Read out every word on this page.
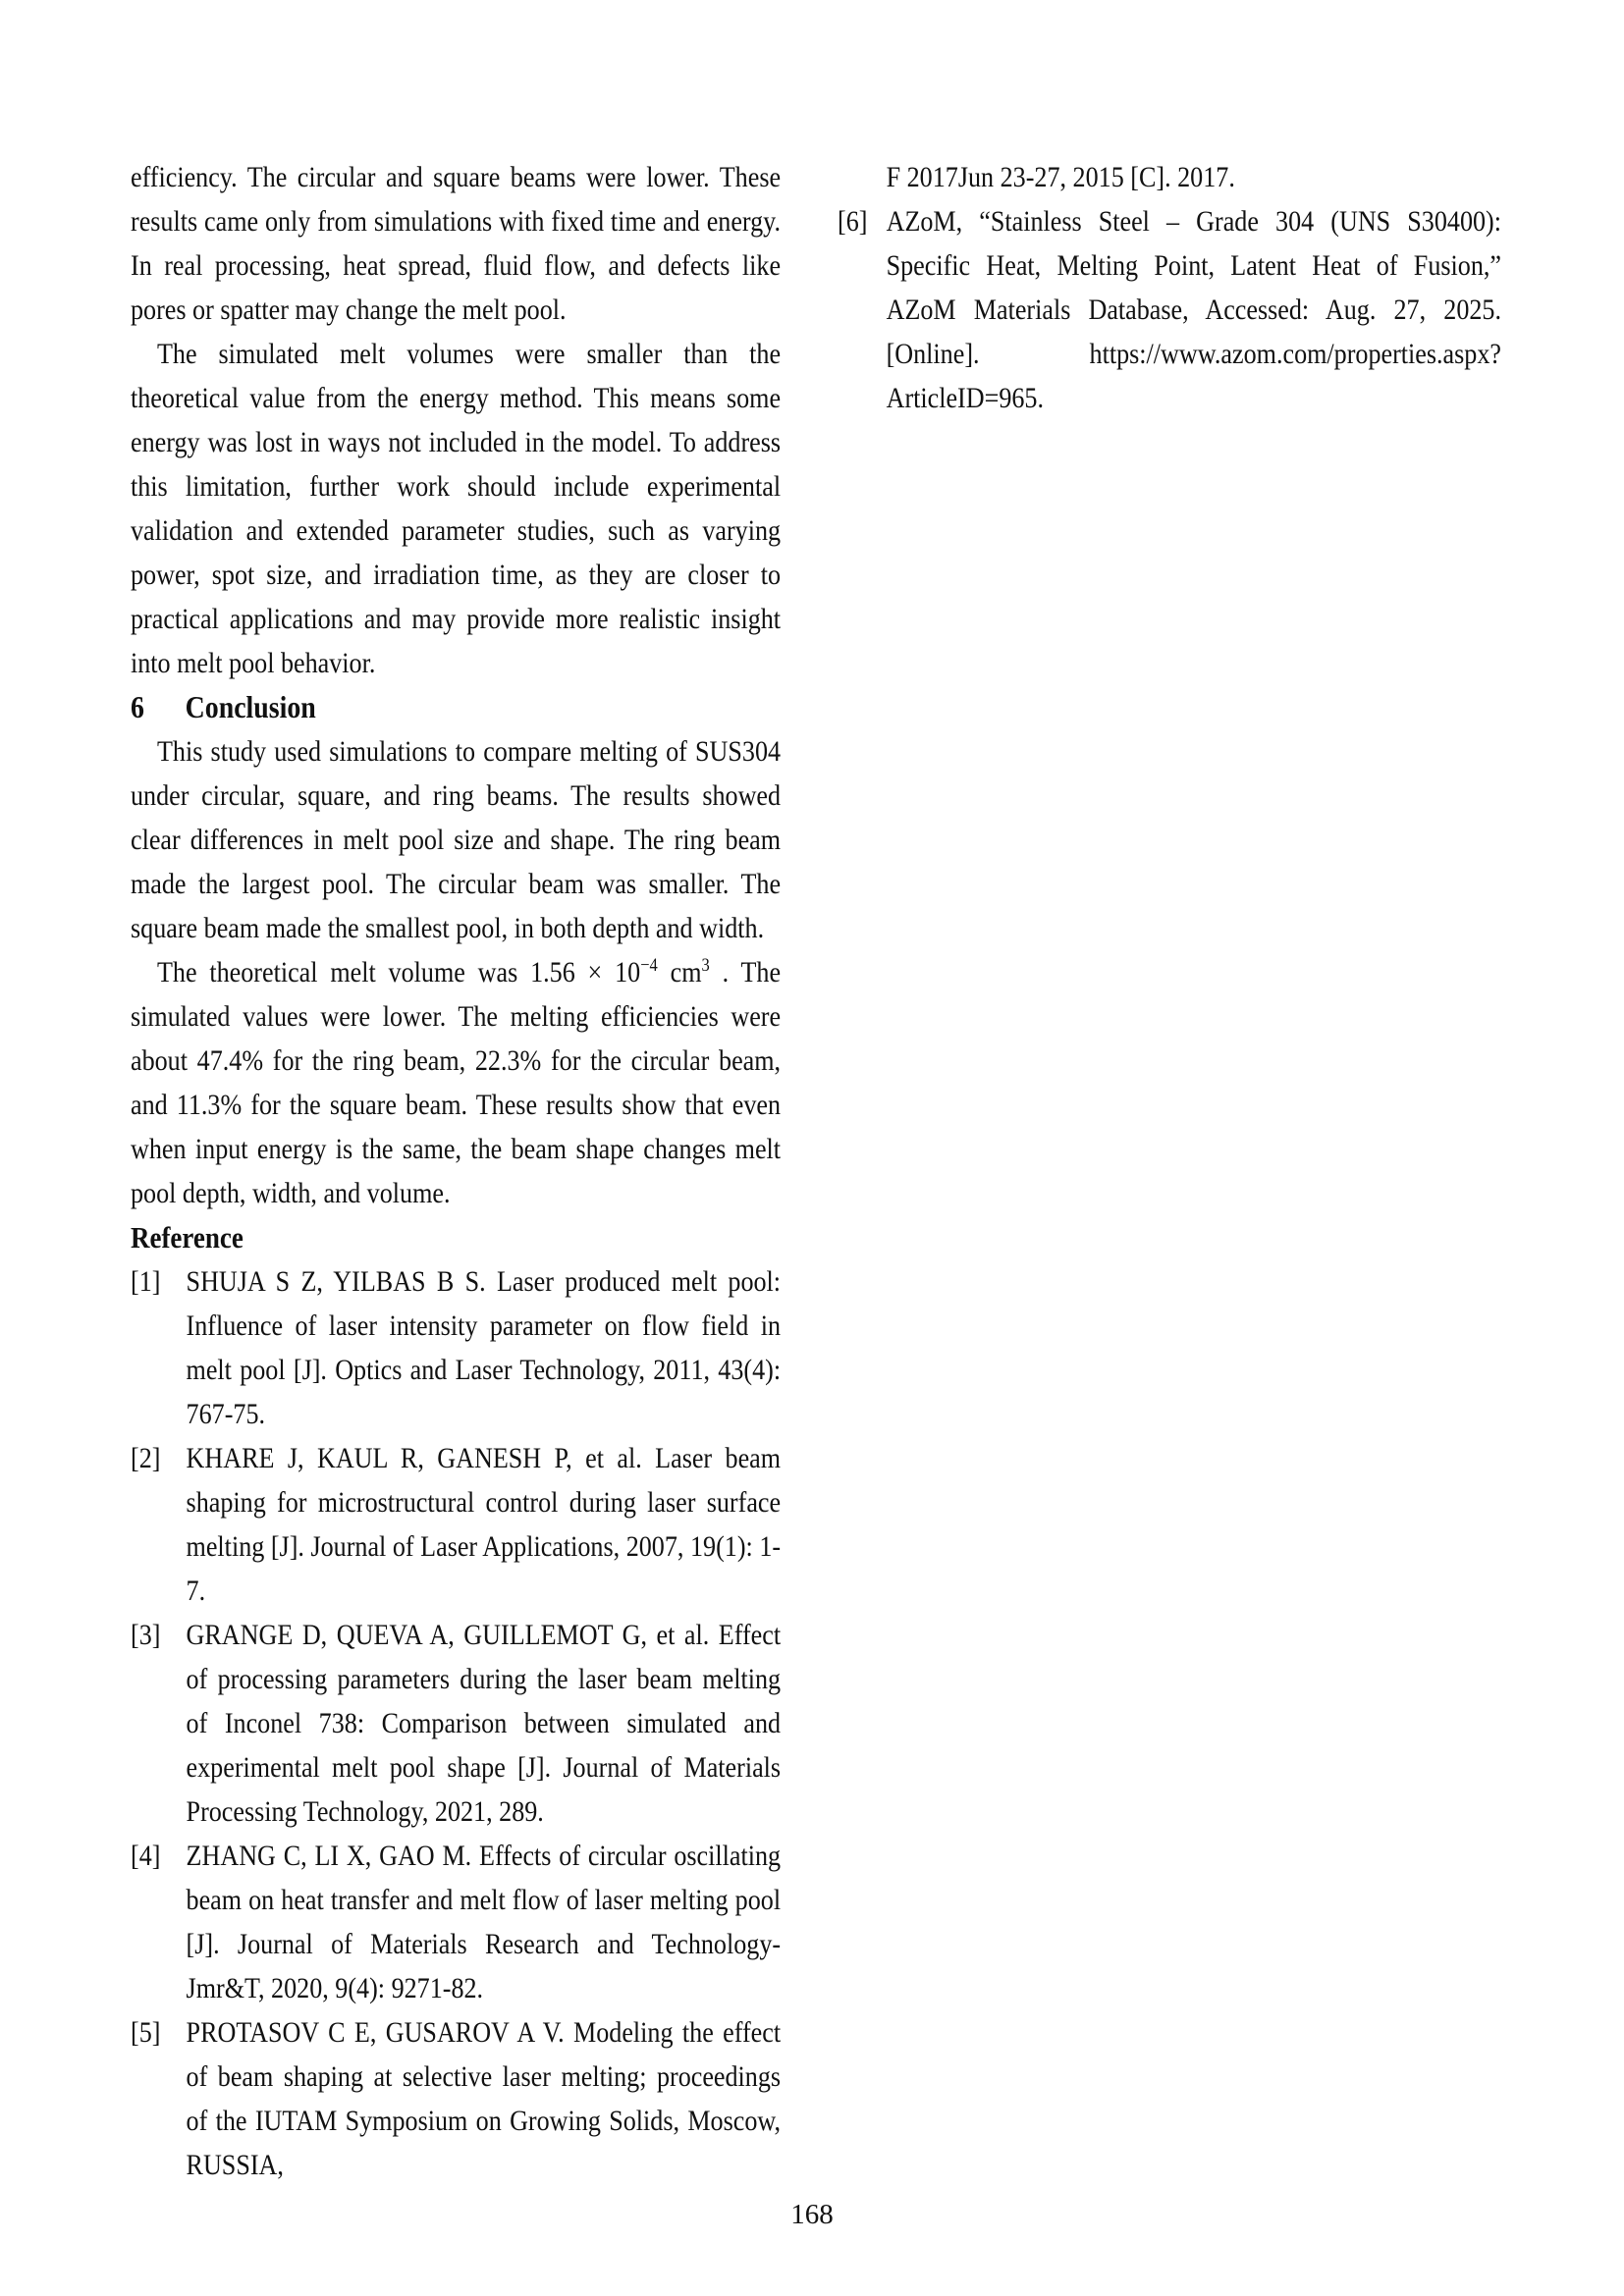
efficiency. The circular and square beams were lower. These results came only from simulations with fixed time and energy. In real processing, heat spread, fluid flow, and defects like pores or spatter may change the melt pool.

The simulated melt volumes were smaller than the theoretical value from the energy method. This means some energy was lost in ways not included in the model. To address this limitation, further work should include experimental validation and extended parameter studies, such as varying power, spot size, and irradiation time, as they are closer to practical applications and may provide more realistic insight into melt pool behavior.

6 Conclusion

This study used simulations to compare melting of SUS304 under circular, square, and ring beams. The results showed clear differences in melt pool size and shape. The ring beam made the largest pool. The circular beam was smaller. The square beam made the smallest pool, in both depth and width.

The theoretical melt volume was $1.56 \times 10^{-4}$ $cm^3$ . The simulated values were lower. The melting efficiencies were about 47.4% for the ring beam, 22.3% for the circular beam, and 11.3% for the square beam. These results show that even when input energy is the same, the beam shape changes melt pool depth, width, and volume.

Reference
[1] SHUJA S Z, YILBAS B S. Laser produced melt pool: Influence of laser intensity parameter on flow field in melt pool [J]. Optics and Laser Technology, 2011, 43(4): 767-75.
[2] KHARE J, KAUL R, GANESH P, et al. Laser beam shaping for microstructural control during laser surface melting [J]. Journal of Laser Applications, 2007, 19(1): 1-7.
[3] GRANGE D, QUEVA A, GUILLEMOT G, et al. Effect of processing parameters during the laser beam melting of Inconel 738: Comparison between simulated and experimental melt pool shape [J]. Journal of Materials Processing Technology, 2021, 289.
[4] ZHANG C, LI X, GAO M. Effects of circular oscillating beam on heat transfer and melt flow of laser melting pool [J]. Journal of Materials Research and Technology-Jmr&T, 2020, 9(4): 9271-82.
[5] PROTASOV C E, GUSAROV A V. Modeling the effect of beam shaping at selective laser melting; proceedings of the IUTAM Symposium on Growing Solids, Moscow, RUSSIA,
F 2017Jun 23-27, 2015 [C]. 2017.
[6] AZoM, “Stainless Steel – Grade 304 (UNS S30400): Specific Heat, Melting Point, Latent Heat of Fusion,” AZoM Materials Database, Accessed: Aug. 27, 2025. [Online]. https://www.azom.com/properties.aspx?ArticleID=965.
168
